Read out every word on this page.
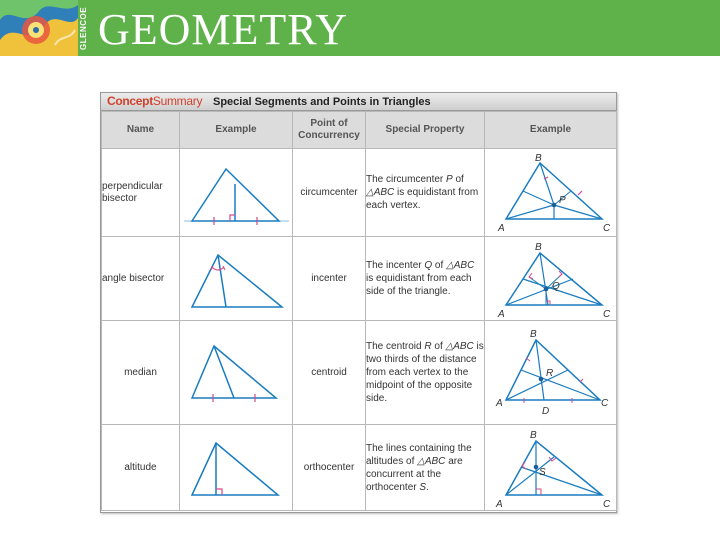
GLENCOE GEOMETRY
ConceptSummary Special Segments and Points in Triangles
Name	Example	Point of Concurrency	Special Property	Example
perpendicular bisector		circumcenter	The circumcenter P of △ABC is equidistant from each vertex.	B
A C
P

angle bisector		incenter	The incenter Q of △ABC is equidistant from each side of the triangle.	B
A C
Q

median		centroid	The centroid R of △ABC is two thirds of the distance from each vertex to the midpoint of the opposite side.	B
A C
R
D

altitude		orthocenter	The lines containing the altitudes of △ABC are concurrent at the orthocenter S.	B
A C
S
